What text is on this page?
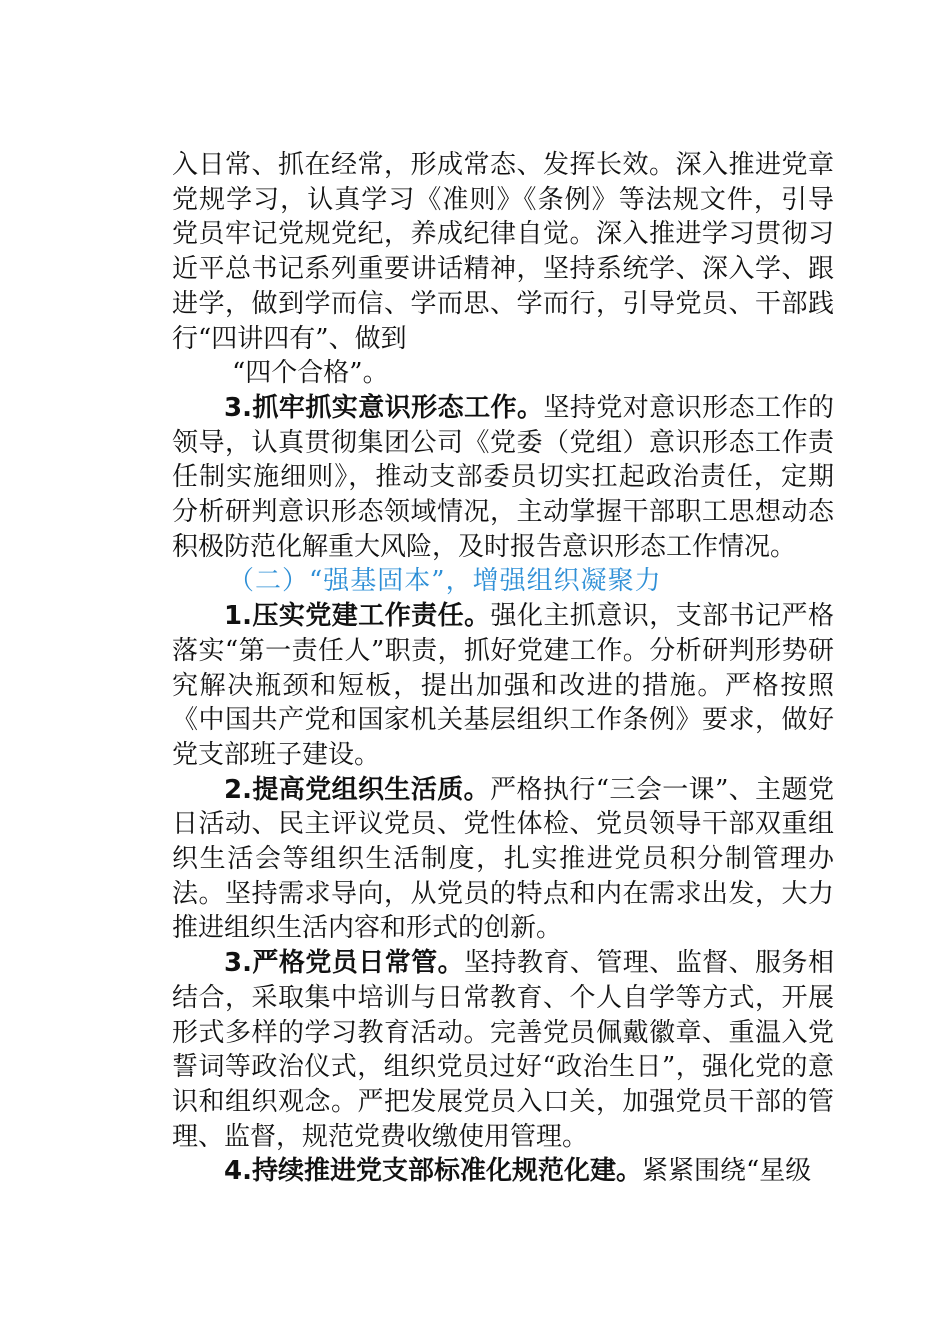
入日常、抓在经常，形成常态、发挥长效。深入推进党章党规学习，认真学习《准则》《条例》等法规文件，引导党员牢记党规党纪，养成纪律自觉。深入推进学习贯彻习近平总书记系列重要讲话精神，坚持系统学、深入学、跟进学，做到学而信、学而思、学而行，引导党员、干部践行“四讲四有”、做到

“四个合格”。

3.抓牢抓实意识形态工作。坚持党对意识形态工作的领导，认真贯彻集团公司《党委（党组）意识形态工作责任制实施细则》，推动支部委员切实扛起政治责任，定期分析研判意识形态领域情况，主动掌握干部职工思想动态积极防范化解重大风险，及时报告意识形态工作情况。

（二）“强基固本”，增强组织凝聚力

1.压实党建工作责任。强化主抓意识，支部书记严格落实“第一责任人”职责，抓好党建工作。分析研判形势研究解决瓶颈和短板，提出加强和改进的措施。严格按照《中国共产党和国家机关基层组织工作条例》要求，做好党支部班子建设。

2.提高党组织生活质。严格执行“三会一课”、主题党日活动、民主评议党员、党性体检、党员领导干部双重组织生活会等组织生活制度，扎实推进党员积分制管理办法。坚持需求导向，从党员的特点和内在需求出发，大力推进组织生活内容和形式的创新。

3.严格党员日常管。坚持教育、管理、监督、服务相结合，采取集中培训与日常教育、个人自学等方式，开展形式多样的学习教育活动。完善党员佩戴徽章、重温入党誓词等政治仪式，组织党员过好“政治生日”，强化党的意识和组织观念。严把发展党员入口关，加强党员干部的管理、监督，规范党费收缴使用管理。

4.持续推进党支部标准化规范化建。紧紧围绕“星级
